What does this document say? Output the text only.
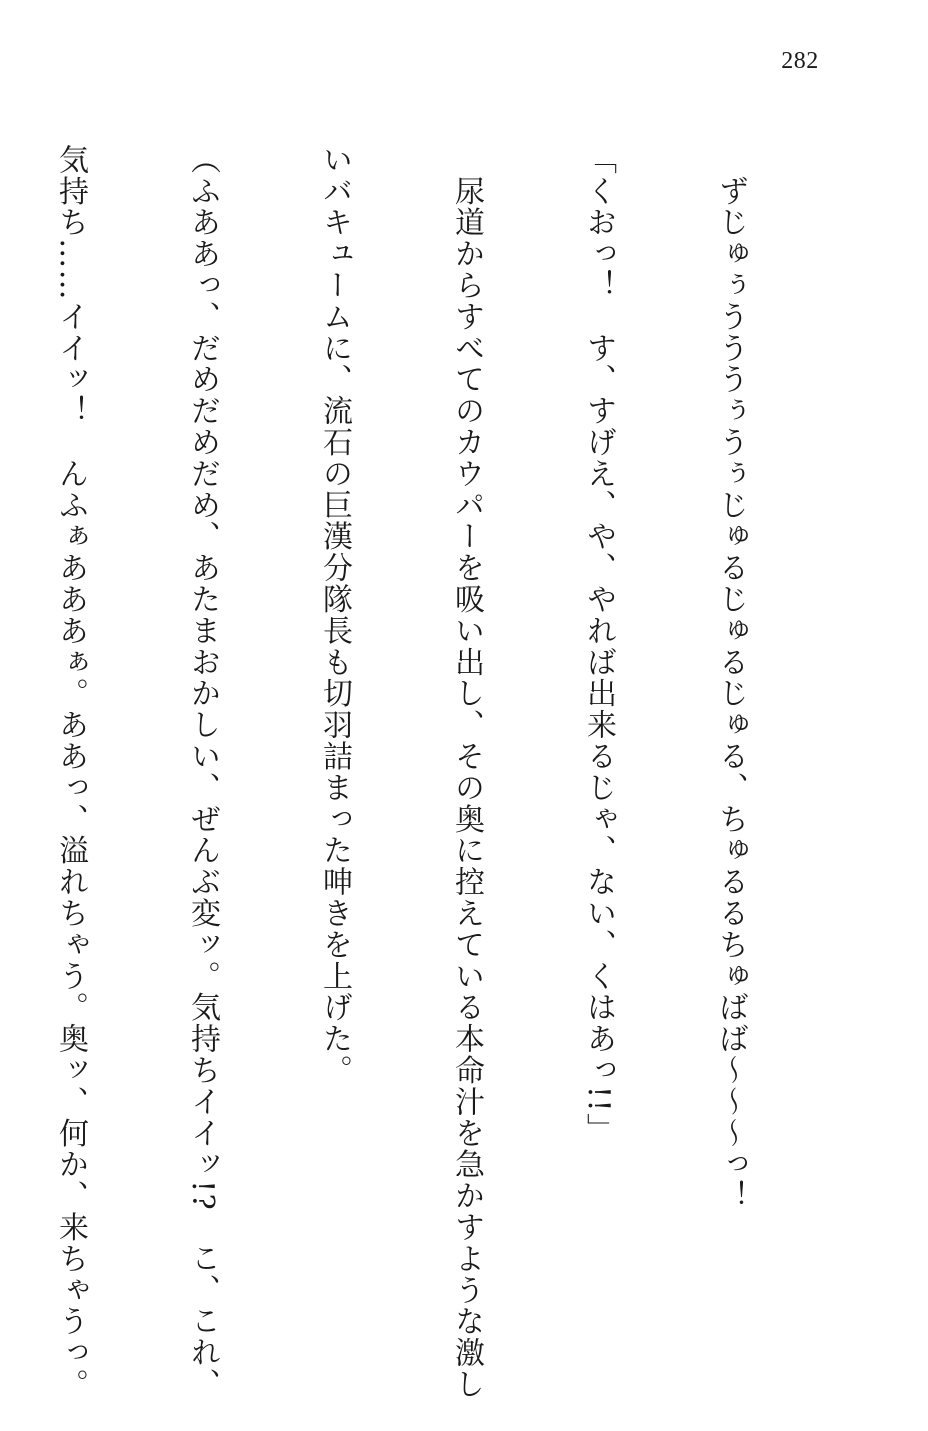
282

　ずじゅぅうううぅうぅじゅるじゅるじゅる、ちゅるるちゅばば〜〜〜っ！

「くおっ！　す、すげえ、や、やれば出来るじゃ、ない、くはあっ!!」

　尿道からすべてのカウパーを吸い出し、その奥に控えている本命汁を急かすような激し

いバキュームに、流石の巨漢分隊長も切羽詰まった呻きを上げた。

（ふああっ、だめだめだめ、あたまおかしい、ぜんぶ変ッ。気持ちイイッ!?　こ、これ、

気持ち……イイッ！　んふぁあああぁ。ああっ、溢れちゃう。奥ッ、何か、来ちゃうっ。
